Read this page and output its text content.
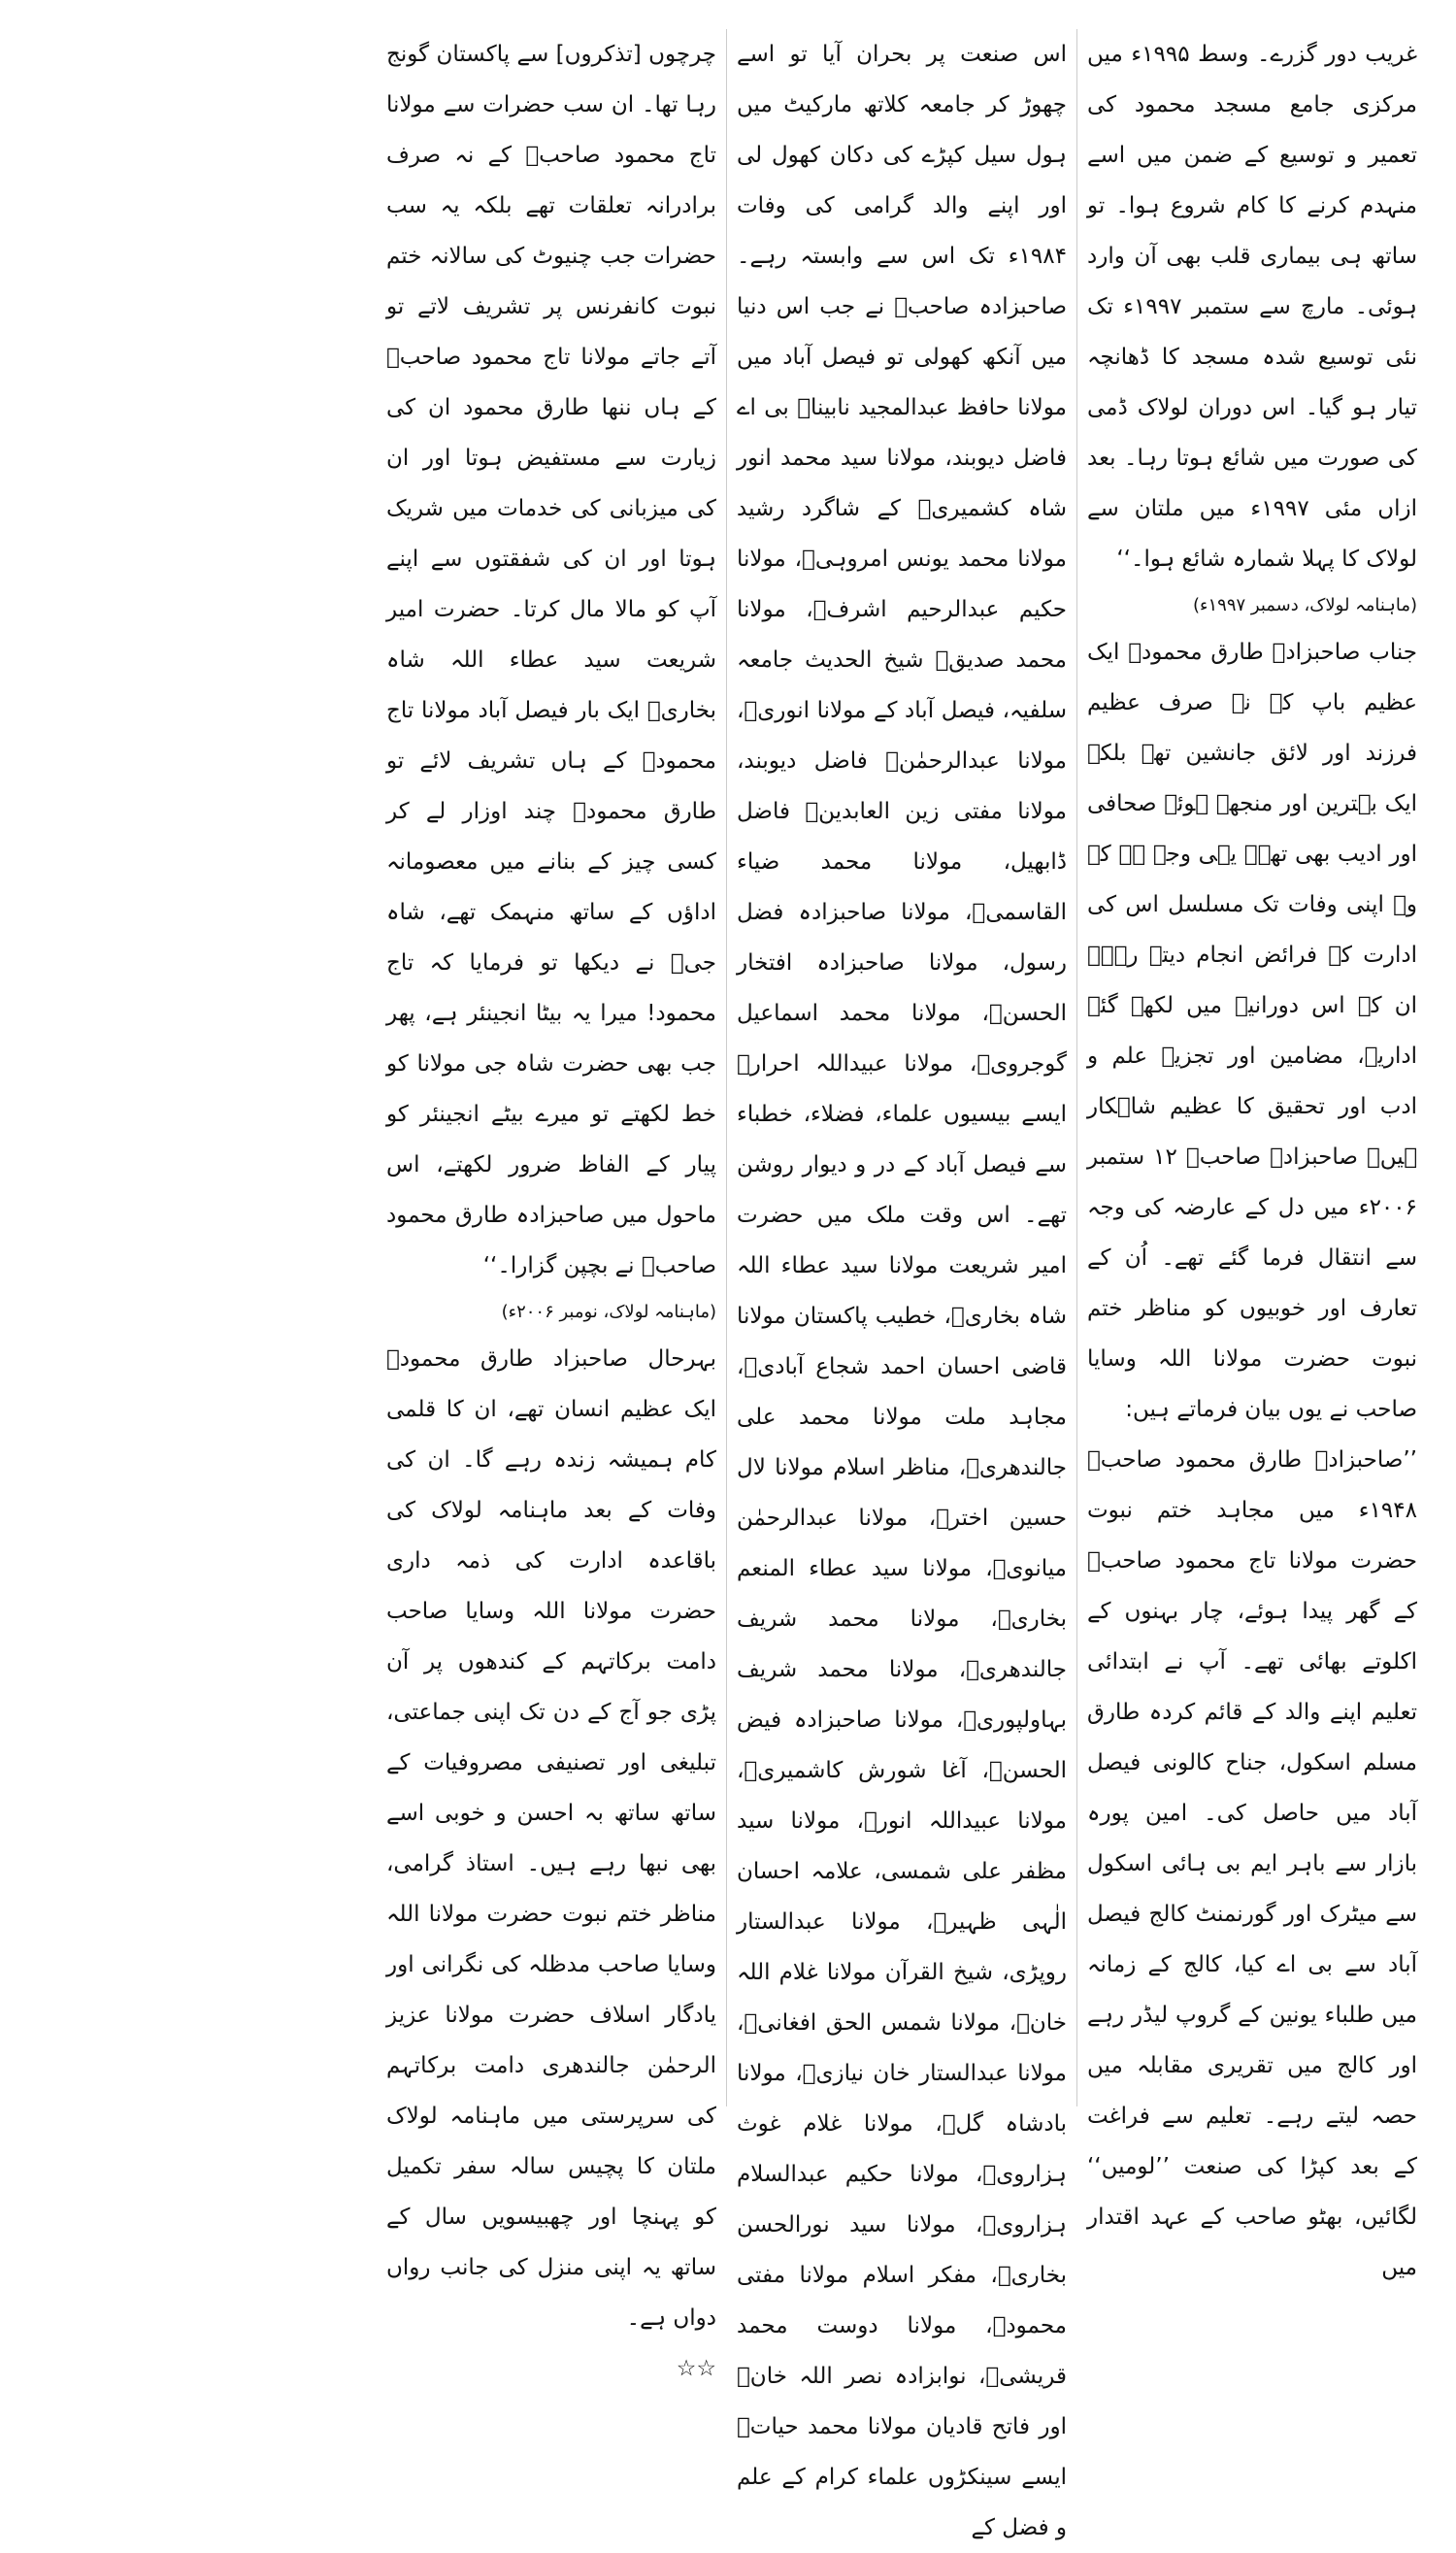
غریب دور گزرے۔ وسط ۱۹۹۵ء میں مرکزی جامع مسجد محمود کی تعمیر و توسیع کے ضمن میں اسے منہدم کرنے کا کام شروع ہوا۔ تو ساتھ ہی بیماری قلب بھی آن وارد ہوئی۔ مارچ سے ستمبر ۱۹۹۷ء تک نئی توسیع شدہ مسجد کا ڈھانچہ تیار ہو گیا۔ اس دوران لولاک ڈمی کی صورت میں شائع ہوتا رہا۔ بعد ازاں مئی ۱۹۹۷ء میں ملتان سے لولاک کا پہلا شمارہ شائع ہوا۔‘‘

(ماہنامہ لولاک، دسمبر ۱۹۹۷ء)

جناب صاحبزادہ طارق محمودؒ ایک عظیم باپ کے نہ صرف عظیم فرزند اور لائق جانشین تھے بلکہ ایک بہترین اور منجھے ہوئے صحافی اور ادیب بھی تھے۔ یہی وجہ ہے کہ وہ اپنی وفات تک مسلسل اس کی ادارت کے فرائض انجام دیتے رہے۔ ان کے اس دورانیے میں لکھے گئے اداریے، مضامین اور تجزیے علم و ادب اور تحقیق کا عظیم شاہکار ہیں۔ صاحبزادہ صاحبؒ ۱۲ ستمبر ۲۰۰۶ء میں دل کے عارضہ کی وجہ سے انتقال فرما گئے تھے۔ اُن کے تعارف اور خوبیوں کو مناظر ختم نبوت حضرت مولانا اللہ وسایا صاحب نے یوں بیان فرماتے ہیں:

’’صاحبزادہ طارق محمود صاحبؒ ۱۹۴۸ء میں مجاہد ختم نبوت حضرت مولانا تاج محمود صاحبؒ کے گھر پیدا ہوئے، چار بہنوں کے اکلوتے بھائی تھے۔ آپ نے ابتدائی تعلیم اپنے والد کے قائم کردہ طارق مسلم اسکول، جناح کالونی فیصل آباد میں حاصل کی۔ امین پورہ بازار سے باہر ایم بی ہائی اسکول سے میٹرک اور گورنمنٹ کالج فیصل آباد سے بی اے کیا، کالج کے زمانہ میں طلباء یونین کے گروپ لیڈر رہے اور کالج میں تقریری مقابلہ میں حصہ لیتے رہے۔ تعلیم سے فراغت کے بعد کپڑا کی صنعت ’’لومیں‘‘ لگائیں، بھٹو صاحب کے عہد اقتدار میں

اس صنعت پر بحران آیا تو اسے چھوڑ کر جامعہ کلاتھ مارکیٹ میں ہول سیل کپڑے کی دکان کھول لی اور اپنے والد گرامی کی وفات ۱۹۸۴ء تک اس سے وابستہ رہے۔ صاحبزادہ صاحبؒ نے جب اس دنیا میں آنکھ کھولی تو فیصل آباد میں مولانا حافظ عبدالمجید نابیناؒ بی اے فاضل دیوبند، مولانا سید محمد انور شاہ کشمیریؒ کے شاگرد رشید مولانا محمد یونس امروہیؒ، مولانا حکیم عبدالرحیم اشرفؒ، مولانا محمد صدیقؒ شیخ الحدیث جامعہ سلفیہ، فیصل آباد کے مولانا انوریؒ، مولانا عبدالرحمٰنؒ فاضل دیوبند، مولانا مفتی زین العابدینؒ فاضل ڈابھیل، مولانا محمد ضیاء القاسمیؒ، مولانا صاحبزادہ فضل رسول، مولانا صاحبزادہ افتخار الحسنؒ، مولانا محمد اسماعیل گوجرویؒ، مولانا عبیداللہ احرارؒ ایسے بیسیوں علماء، فضلاء، خطباء سے فیصل آباد کے در و دیوار روشن تھے۔ اس وقت ملک میں حضرت امیر شریعت مولانا سید عطاء اللہ شاہ بخاریؒ، خطیب پاکستان مولانا قاضی احسان احمد شجاع آبادیؒ، مجاہد ملت مولانا محمد علی جالندھریؒ، مناظر اسلام مولانا لال حسین اخترؒ، مولانا عبدالرحمٰن میانویؒ، مولانا سید عطاء المنعم بخاریؒ، مولانا محمد شریف جالندھریؒ، مولانا محمد شریف بہاولپوریؒ، مولانا صاحبزادہ فیض الحسنؒ، آغا شورش کاشمیریؒ، مولانا عبیداللہ انورؒ، مولانا سید مظفر علی شمسی، علامہ احسان الٰہی ظہیرؒ، مولانا عبدالستار روپڑی، شیخ القرآن مولانا غلام اللہ خانؒ، مولانا شمس الحق افغانیؒ، مولانا عبدالستار خان نیازیؒ، مولانا بادشاہ گلؒ، مولانا غلام غوث ہزارویؒ، مولانا حکیم عبدالسلام ہزارویؒ، مولانا سید نورالحسن بخاریؒ، مفکر اسلام مولانا مفتی محمودؒ، مولانا دوست محمد قریشیؒ، نوابزادہ نصر اللہ خانؒ اور فاتح قادیان مولانا محمد حیاتؒ ایسے سینکڑوں علماء کرام کے علم و فضل کے

چرچوں [تذکروں] سے پاکستان گونج رہا تھا۔ ان سب حضرات سے مولانا تاج محمود صاحبؒ کے نہ صرف برادرانہ تعلقات تھے بلکہ یہ سب حضرات جب چنیوٹ کی سالانہ ختم نبوت کانفرنس پر تشریف لاتے تو آتے جاتے مولانا تاج محمود صاحبؒ کے ہاں ننھا طارق محمود ان کی زیارت سے مستفیض ہوتا اور ان کی میزبانی کی خدمات میں شریک ہوتا اور ان کی شفقتوں سے اپنے آپ کو مالا مال کرتا۔ حضرت امیر شریعت سید عطاء اللہ شاہ بخاریؒ ایک بار فیصل آباد مولانا تاج محمودؒ کے ہاں تشریف لائے تو طارق محمودؒ چند اوزار لے کر کسی چیز کے بنانے میں معصومانہ اداؤں کے ساتھ منہمک تھے، شاہ جیؒ نے دیکھا تو فرمایا کہ تاج محمود! میرا یہ بیٹا انجینئر ہے، پھر جب بھی حضرت شاہ جی مولانا کو خط لکھتے تو میرے بیٹے انجینئر کو پیار کے الفاظ ضرور لکھتے، اس ماحول میں صاحبزادہ طارق محمود صاحبؒ نے بچپن گزارا۔‘‘

(ماہنامہ لولاک، نومبر ۲۰۰۶ء)

بہرحال صاحبزاد طارق محمودؒ ایک عظیم انسان تھے، ان کا قلمی کام ہمیشہ زندہ رہے گا۔ ان کی وفات کے بعد ماہنامہ لولاک کی باقاعدہ ادارت کی ذمہ داری حضرت مولانا اللہ وسایا صاحب دامت برکاتہم کے کندھوں پر آن پڑی جو آج کے دن تک اپنی جماعتی، تبلیغی اور تصنیفی مصروفیات کے ساتھ ساتھ بہ احسن و خوبی اسے بھی نبھا رہے ہیں۔ استاذ گرامی، مناظر ختم نبوت حضرت مولانا اللہ وسایا صاحب مدظلہ کی نگرانی اور یادگار اسلاف حضرت مولانا عزیز الرحمٰن جالندھری دامت برکاتہم کی سرپرستی میں ماہنامہ لولاک ملتان کا پچیس سالہ سفر تکمیل کو پہنچا اور چھبیسویں سال کے ساتھ یہ اپنی منزل کی جانب رواں دواں ہے۔

☆☆
